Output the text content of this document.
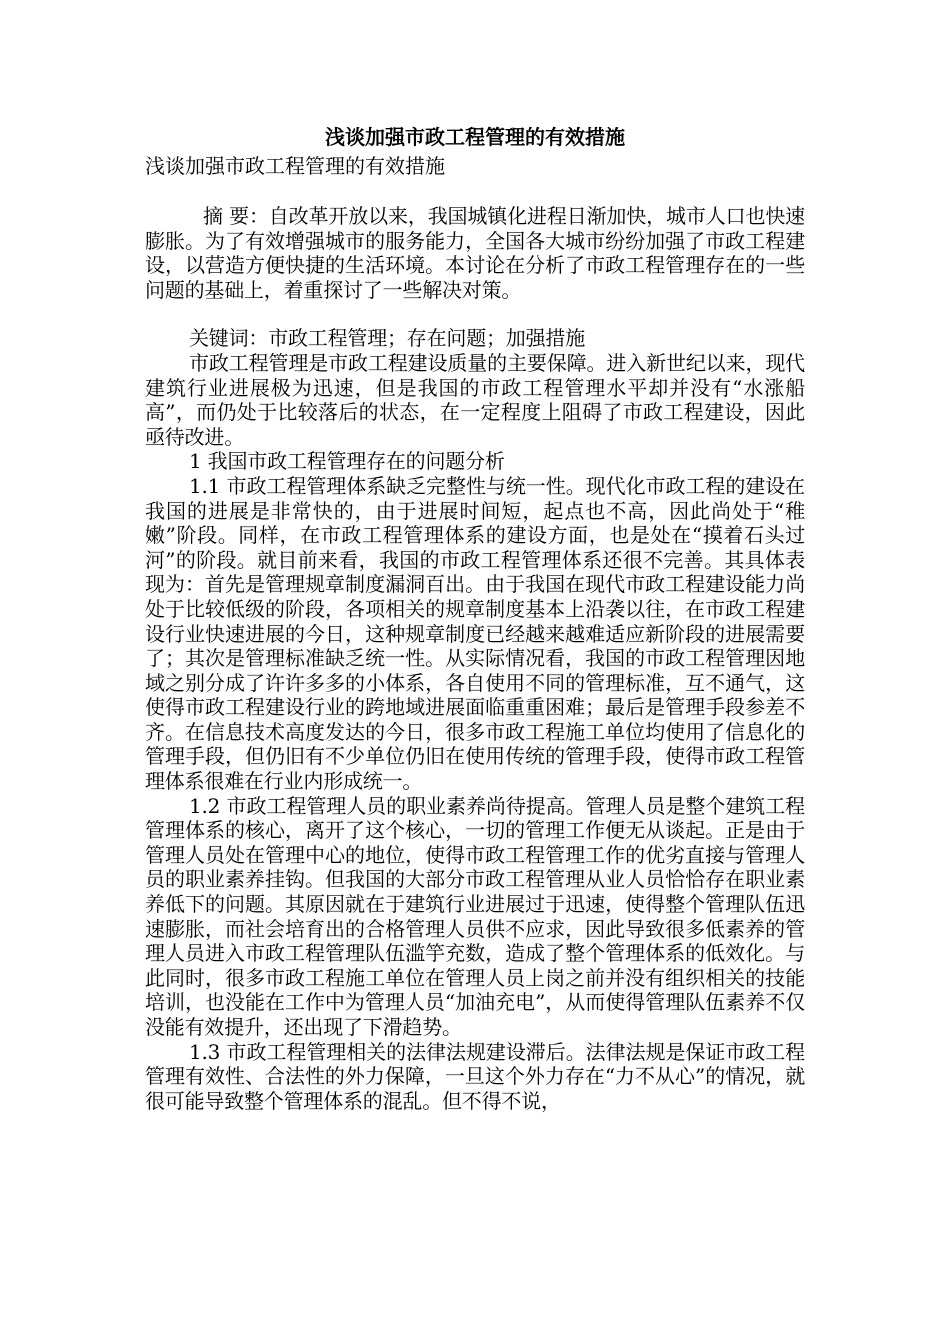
浅谈加强市政工程管理的有效措施

浅谈加强市政工程管理的有效措施

摘 要：自改革开放以来，我国城镇化进程日渐加快，城市人口也快速膨胀。为了有效增强城市的服务能力，全国各大城市纷纷加强了市政工程建设，以营造方便快捷的生活环境。本讨论在分析了市政工程管理存在的一些问题的基础上，着重探讨了一些解决对策。

关键词：市政工程管理；存在问题；加强措施

市政工程管理是市政工程建设质量的主要保障。进入新世纪以来，现代建筑行业进展极为迅速，但是我国的市政工程管理水平却并没有“水涨船高”，而仍处于比较落后的状态，在一定程度上阻碍了市政工程建设，因此亟待改进。

1 我国市政工程管理存在的问题分析

1.1 市政工程管理体系缺乏完整性与统一性。现代化市政工程的建设在我国的进展是非常快的，由于进展时间短，起点也不高，因此尚处于“稚嫩”阶段。同样，在市政工程管理体系的建设方面，也是处在“摸着石头过河”的阶段。就目前来看，我国的市政工程管理体系还很不完善。其具体表现为：首先是管理规章制度漏洞百出。由于我国在现代市政工程建设能力尚处于比较低级的阶段，各项相关的规章制度基本上沿袭以往，在市政工程建设行业快速进展的今日，这种规章制度已经越来越难适应新阶段的进展需要了；其次是管理标准缺乏统一性。从实际情况看，我国的市政工程管理因地域之别分成了许许多多的小体系，各自使用不同的管理标准，互不通气，这使得市政工程建设行业的跨地域进展面临重重困难；最后是管理手段参差不齐。在信息技术高度发达的今日，很多市政工程施工单位均使用了信息化的管理手段，但仍旧有不少单位仍旧在使用传统的管理手段，使得市政工程管理体系很难在行业内形成统一。

1.2 市政工程管理人员的职业素养尚待提高。管理人员是整个建筑工程管理体系的核心，离开了这个核心，一切的管理工作便无从谈起。正是由于管理人员处在管理中心的地位，使得市政工程管理工作的优劣直接与管理人员的职业素养挂钩。但我国的大部分市政工程管理从业人员恰恰存在职业素养低下的问题。其原因就在于建筑行业进展过于迅速，使得整个管理队伍迅速膨胀，而社会培育出的合格管理人员供不应求，因此导致很多低素养的管理人员进入市政工程管理队伍滥竽充数，造成了整个管理体系的低效化。与此同时，很多市政工程施工单位在管理人员上岗之前并没有组织相关的技能培训，也没能在工作中为管理人员“加油充电”，从而使得管理队伍素养不仅没能有效提升，还出现了下滑趋势。

1.3 市政工程管理相关的法律法规建设滞后。法律法规是保证市政工程管理有效性、合法性的外力保障，一旦这个外力存在“力不从心”的情况，就很可能导致整个管理体系的混乱。但不得不说，
